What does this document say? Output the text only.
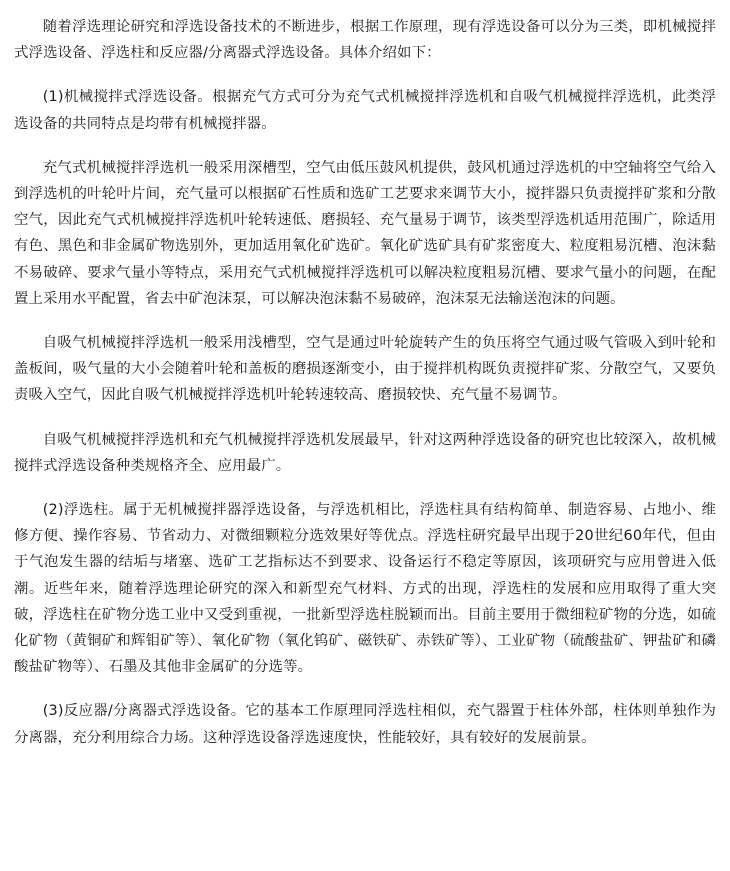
随着浮选理论研究和浮选设备技术的不断进步，根据工作原理，现有浮选设备可以分为三类，即机械搅拌式浮选设备、浮选柱和反应器/分离器式浮选设备。具体介绍如下：

(1)机械搅拌式浮选设备。根据充气方式可分为充气式机械搅拌浮选机和自吸气机械搅拌浮选机，此类浮选设备的共同特点是均带有机械搅拌器。

充气式机械搅拌浮选机一般采用深槽型，空气由低压鼓风机提供，鼓风机通过浮选机的中空轴将空气给入到浮选机的叶轮叶片间，充气量可以根据矿石性质和选矿工艺要求来调节大小，搅拌器只负责搅拌矿浆和分散空气，因此充气式机械搅拌浮选机叶轮转速低、磨损轻、充气量易于调节，该类型浮选机适用范围广，除适用有色、黑色和非金属矿物选别外，更加适用氧化矿选矿。氧化矿选矿具有矿浆密度大、粒度粗易沉槽、泡沫黏不易破碎、要求气量小等特点，采用充气式机械搅拌浮选机可以解决粒度粗易沉槽、要求气量小的问题，在配置上采用水平配置，省去中矿泡沫泵，可以解决泡沫黏不易破碎，泡沫泵无法输送泡沫的问题。

自吸气机械搅拌浮选机一般采用浅槽型，空气是通过叶轮旋转产生的负压将空气通过吸气管吸入到叶轮和盖板间，吸气量的大小会随着叶轮和盖板的磨损逐渐变小，由于搅拌机构既负责搅拌矿浆、分散空气，又要负责吸入空气，因此自吸气机械搅拌浮选机叶轮转速较高、磨损较快、充气量不易调节。

自吸气机械搅拌浮选机和充气机械搅拌浮选机发展最早，针对这两种浮选设备的研究也比较深入，故机械搅拌式浮选设备种类规格齐全、应用最广。

(2)浮选柱。属于无机械搅拌器浮选设备，与浮选机相比，浮选柱具有结构简单、制造容易、占地小、维修方便、操作容易、节省动力、对微细颗粒分选效果好等优点。浮选柱研究最早出现于20世纪60年代，但由于气泡发生器的结垢与堵塞、选矿工艺指标达不到要求、设备运行不稳定等原因，该项研究与应用曾进入低潮。近些年来，随着浮选理论研究的深入和新型充气材料、方式的出现，浮选柱的发展和应用取得了重大突破，浮选柱在矿物分选工业中又受到重视，一批新型浮选柱脱颖而出。目前主要用于微细粒矿物的分选，如硫化矿物（黄铜矿和辉钼矿等）、氧化矿物（氧化钨矿、磁铁矿、赤铁矿等）、工业矿物（硫酸盐矿、钾盐矿和磷酸盐矿物等）、石墨及其他非金属矿的分选等。

(3)反应器/分离器式浮选设备。它的基本工作原理同浮选柱相似，充气器置于柱体外部，柱体则单独作为分离器，充分利用综合力场。这种浮选设备浮选速度快，性能较好，具有较好的发展前景。
